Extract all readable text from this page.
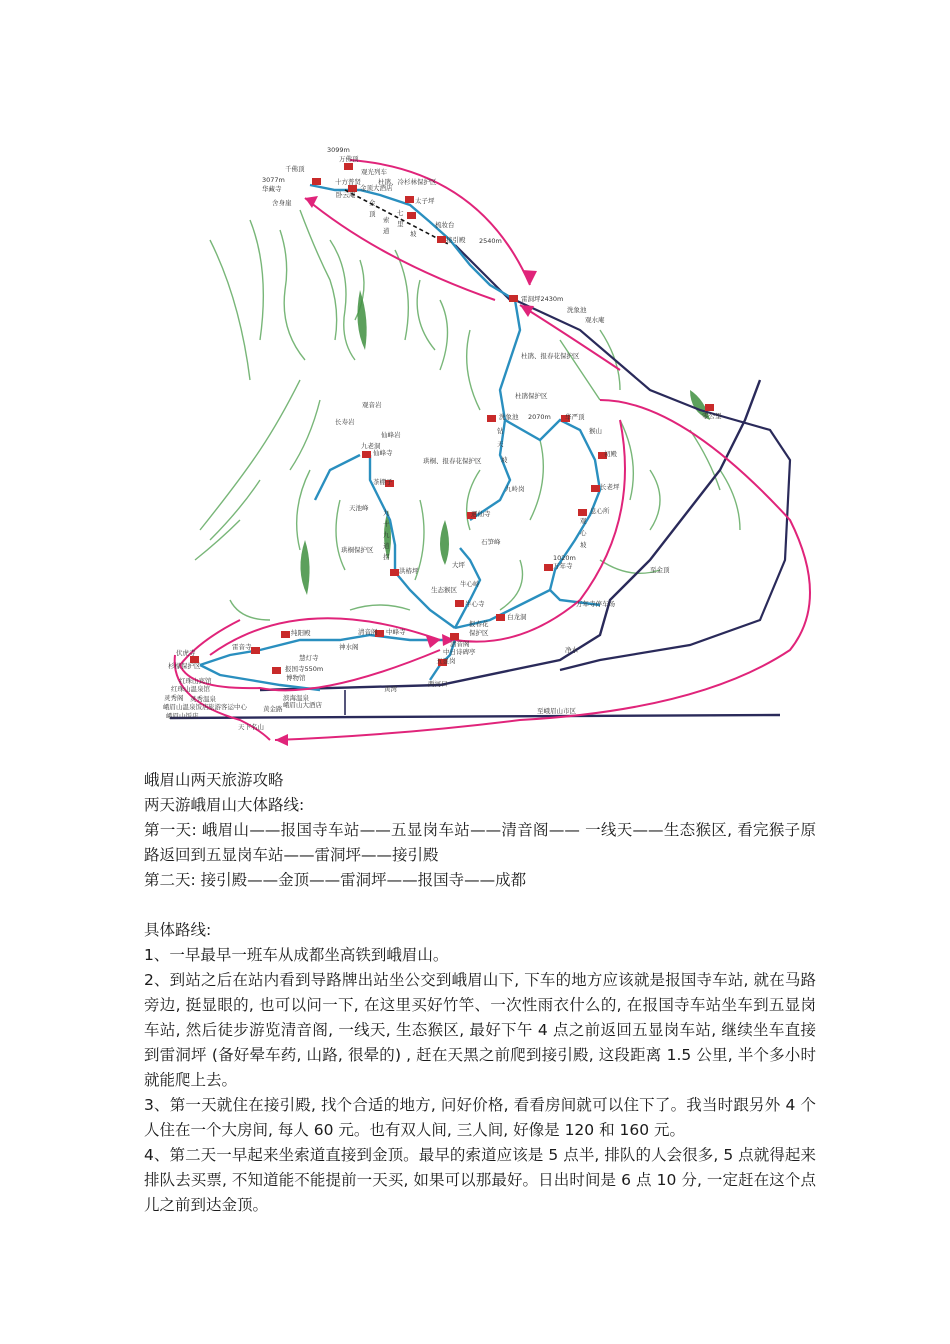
3099m
万佛顶
千佛顶
3077m
华藏寺
观光列车
十方普贤	杜鹃、冷杉林保护区
金顶大酒店
卧云庵
舍身崖	金	太子坪
顶	七
索 里
道	坡
梳妆台
接引殿 2540m
雷洞坪2430m
洗象池
观水庵
杜鹃、报春花保护区
杜鹃保护区
观音岩
长寿岩
洗象池 2070m 华严顶
猴山
仙峰岩	钻
零公里
九老洞	天
仙峰寺	初殿
珙桐、报春花保护区	坡
茶棚子
九岭岗	长老坪
天池峰
遇仙寺	息心所
九
十
九
道
拐
石笋峰
观
心
坡
珙桐保护区
1020m
万年寺
洪椿坪
大坪
至金顶
牛心岭
生态猴区
牛心寺	万年寺停车场
白龙洞
清音阁 中峰寺
报春花
保护区
伏虎寺
雷音寺
纯阳殿
神水阁	清音阁
中日诗碑亭
五显岗
慧灯寺
报国寺550m
净水
杉檬保护区
博物馆
红珠山宾馆
红珠山温泉馆
两河口
黄湾
灵秀阁 灵秀温泉	滨海温泉
峨眉山温泉饭店 旅游客运中心	峨眉山大酒店
黄金路
峨眉山饭店
至峨眉山市区
天下名山

峨眉山两天旅游攻略

两天游峨眉山大体路线:

第一天: 峨眉山——报国寺车站——五显岗车站——清音阁—— 一线天——生态猴区, 看完猴子原路返回到五显岗车站——雷洞坪——接引殿

第二天: 接引殿——金顶——雷洞坪——报国寺——成都

具体路线:

1、一早最早一班车从成都坐高铁到峨眉山。

2、到站之后在站内看到导路牌出站坐公交到峨眉山下, 下车的地方应该就是报国寺车站, 就在马路旁边, 挺显眼的, 也可以问一下, 在这里买好竹竿、一次性雨衣什么的, 在报国寺车站坐车到五显岗车站, 然后徒步游览清音阁, 一线天, 生态猴区, 最好下午 4 点之前返回五显岗车站, 继续坐车直接到雷洞坪 (备好晕车药, 山路, 很晕的) , 赶在天黑之前爬到接引殿, 这段距离 1.5 公里, 半个多小时就能爬上去。

3、第一天就住在接引殿, 找个合适的地方, 问好价格, 看看房间就可以住下了。我当时跟另外 4 个人住在一个大房间, 每人 60 元。也有双人间, 三人间, 好像是 120 和 160 元。

4、第二天一早起来坐索道直接到金顶。最早的索道应该是 5 点半, 排队的人会很多, 5 点就得起来排队去买票, 不知道能不能提前一天买, 如果可以那最好。日出时间是 6 点 10 分, 一定赶在这个点儿之前到达金顶。
